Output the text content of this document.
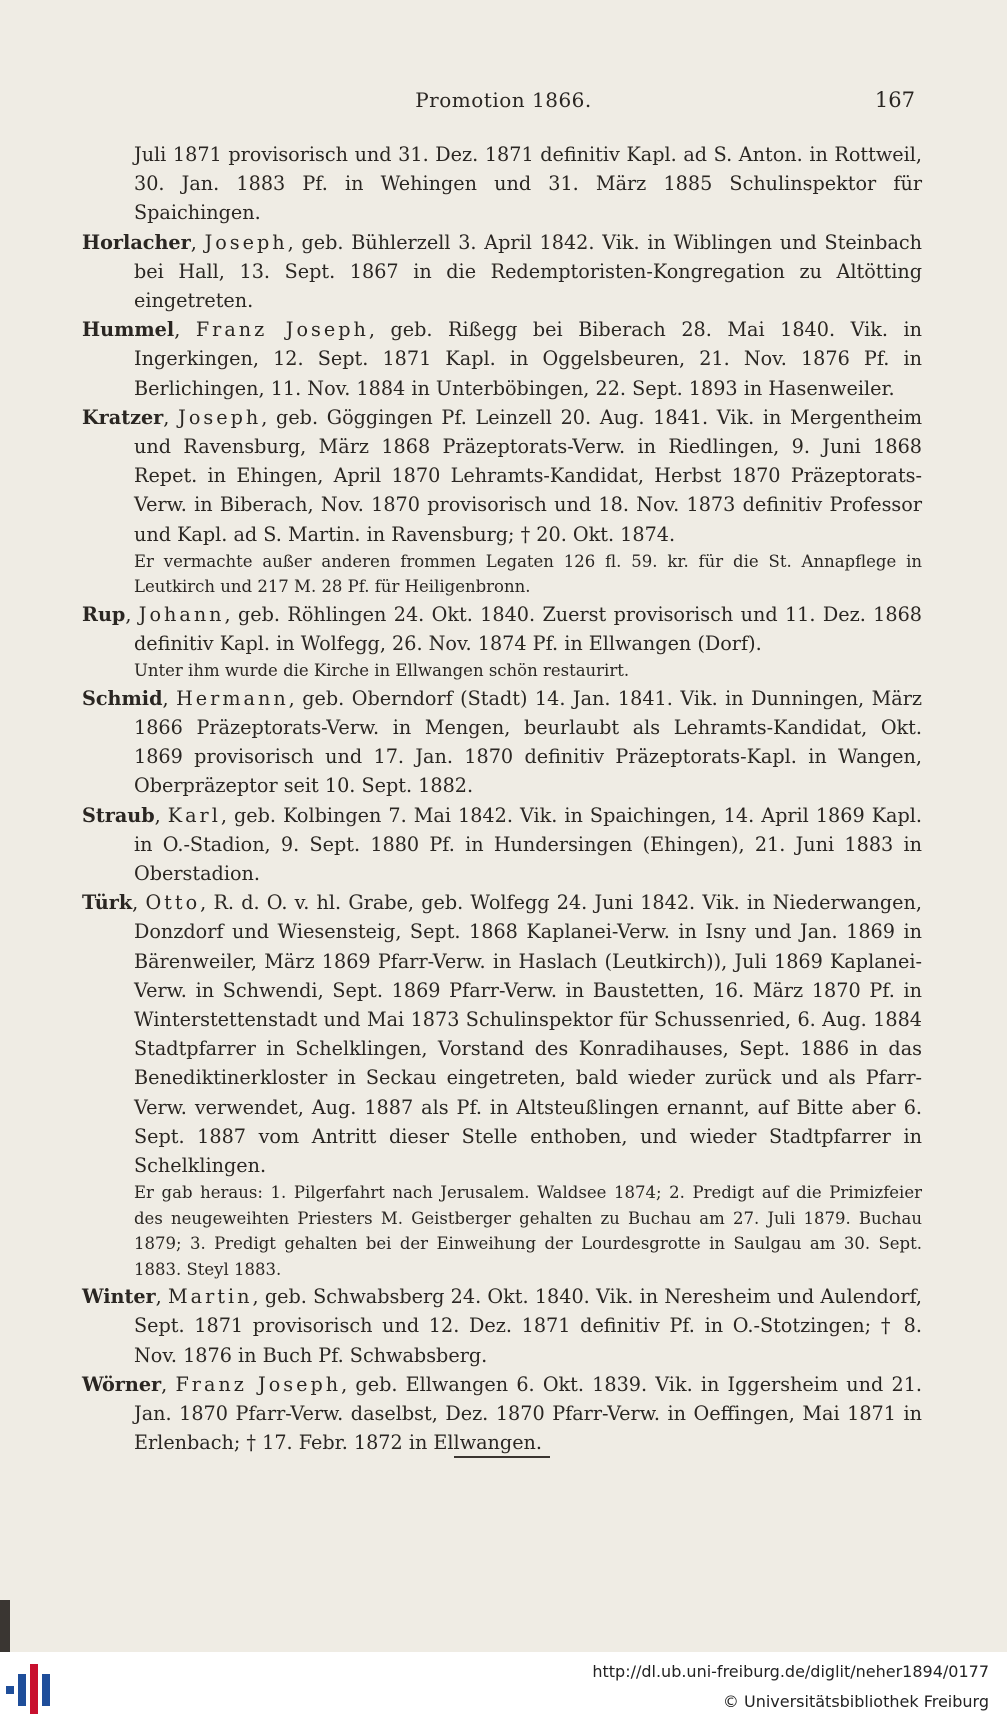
Promotion 1866.	167

Juli 1871 provisorisch und 31. Dez. 1871 definitiv Kapl. ad S. Anton. in Rottweil, 30. Jan. 1883 Pf. in Wehingen und 31. März 1885 Schulinspektor für Spaichingen.

Horlacher, Joseph, geb. Bühlerzell 3. April 1842. Vik. in Wiblingen und Steinbach bei Hall, 13. Sept. 1867 in die Redemptoristen-Kongregation zu Altötting eingetreten.

Hummel, Franz Joseph, geb. Rißegg bei Biberach 28. Mai 1840. Vik. in Ingerkingen, 12. Sept. 1871 Kapl. in Oggelsbeuren, 21. Nov. 1876 Pf. in Berlichingen, 11. Nov. 1884 in Unterböbingen, 22. Sept. 1893 in Hasenweiler.

Kratzer, Joseph, geb. Göggingen Pf. Leinzell 20. Aug. 1841. Vik. in Mergentheim und Ravensburg, März 1868 Präzeptorats-Verw. in Riedlingen, 9. Juni 1868 Repet. in Ehingen, April 1870 Lehramts-Kandidat, Herbst 1870 Präzeptorats-Verw. in Biberach, Nov. 1870 provisorisch und 18. Nov. 1873 definitiv Professor und Kapl. ad S. Martin. in Ravensburg; † 20. Okt. 1874.

Er vermachte außer anderen frommen Legaten 126 fl. 59. kr. für die St. Annapflege in Leutkirch und 217 M. 28 Pf. für Heiligenbronn.

Rup, Johann, geb. Röhlingen 24. Okt. 1840. Zuerst provisorisch und 11. Dez. 1868 definitiv Kapl. in Wolfegg, 26. Nov. 1874 Pf. in Ellwangen (Dorf).

Unter ihm wurde die Kirche in Ellwangen schön restaurirt.

Schmid, Hermann, geb. Oberndorf (Stadt) 14. Jan. 1841. Vik. in Dunningen, März 1866 Präzeptorats-Verw. in Mengen, beurlaubt als Lehramts-Kandidat, Okt. 1869 provisorisch und 17. Jan. 1870 definitiv Präzeptorats-Kapl. in Wangen, Oberpräzeptor seit 10. Sept. 1882.

Straub, Karl, geb. Kolbingen 7. Mai 1842. Vik. in Spaichingen, 14. April 1869 Kapl. in O.-Stadion, 9. Sept. 1880 Pf. in Hundersingen (Ehingen), 21. Juni 1883 in Oberstadion.

Türk, Otto, R. d. O. v. hl. Grabe, geb. Wolfegg 24. Juni 1842. Vik. in Niederwangen, Donzdorf und Wiesensteig, Sept. 1868 Kaplanei-Verw. in Isny und Jan. 1869 in Bärenweiler, März 1869 Pfarr-Verw. in Haslach (Leutkirch)), Juli 1869 Kaplanei-Verw. in Schwendi, Sept. 1869 Pfarr-Verw. in Baustetten, 16. März 1870 Pf. in Winterstettenstadt und Mai 1873 Schulinspektor für Schussenried, 6. Aug. 1884 Stadtpfarrer in Schelklingen, Vorstand des Konradihauses, Sept. 1886 in das Benediktinerkloster in Seckau eingetreten, bald wieder zurück und als Pfarr-Verw. verwendet, Aug. 1887 als Pf. in Altsteußlingen ernannt, auf Bitte aber 6. Sept. 1887 vom Antritt dieser Stelle enthoben, und wieder Stadtpfarrer in Schelklingen.

Er gab heraus: 1. Pilgerfahrt nach Jerusalem. Waldsee 1874; 2. Predigt auf die Primizfeier des neugeweihten Priesters M. Geistberger gehalten zu Buchau am 27. Juli 1879. Buchau 1879; 3. Predigt gehalten bei der Einweihung der Lourdesgrotte in Saulgau am 30. Sept. 1883. Steyl 1883.

Winter, Martin, geb. Schwabsberg 24. Okt. 1840. Vik. in Neresheim und Aulendorf, Sept. 1871 provisorisch und 12. Dez. 1871 definitiv Pf. in O.-Stotzingen; † 8. Nov. 1876 in Buch Pf. Schwabsberg.

Wörner, Franz Joseph, geb. Ellwangen 6. Okt. 1839. Vik. in Iggersheim und 21. Jan. 1870 Pfarr-Verw. daselbst, Dez. 1870 Pfarr-Verw. in Oeffingen, Mai 1871 in Erlenbach; † 17. Febr. 1872 in Ellwangen.

http://dl.ub.uni-freiburg.de/diglit/neher1894/0177
© Universitätsbibliothek Freiburg
